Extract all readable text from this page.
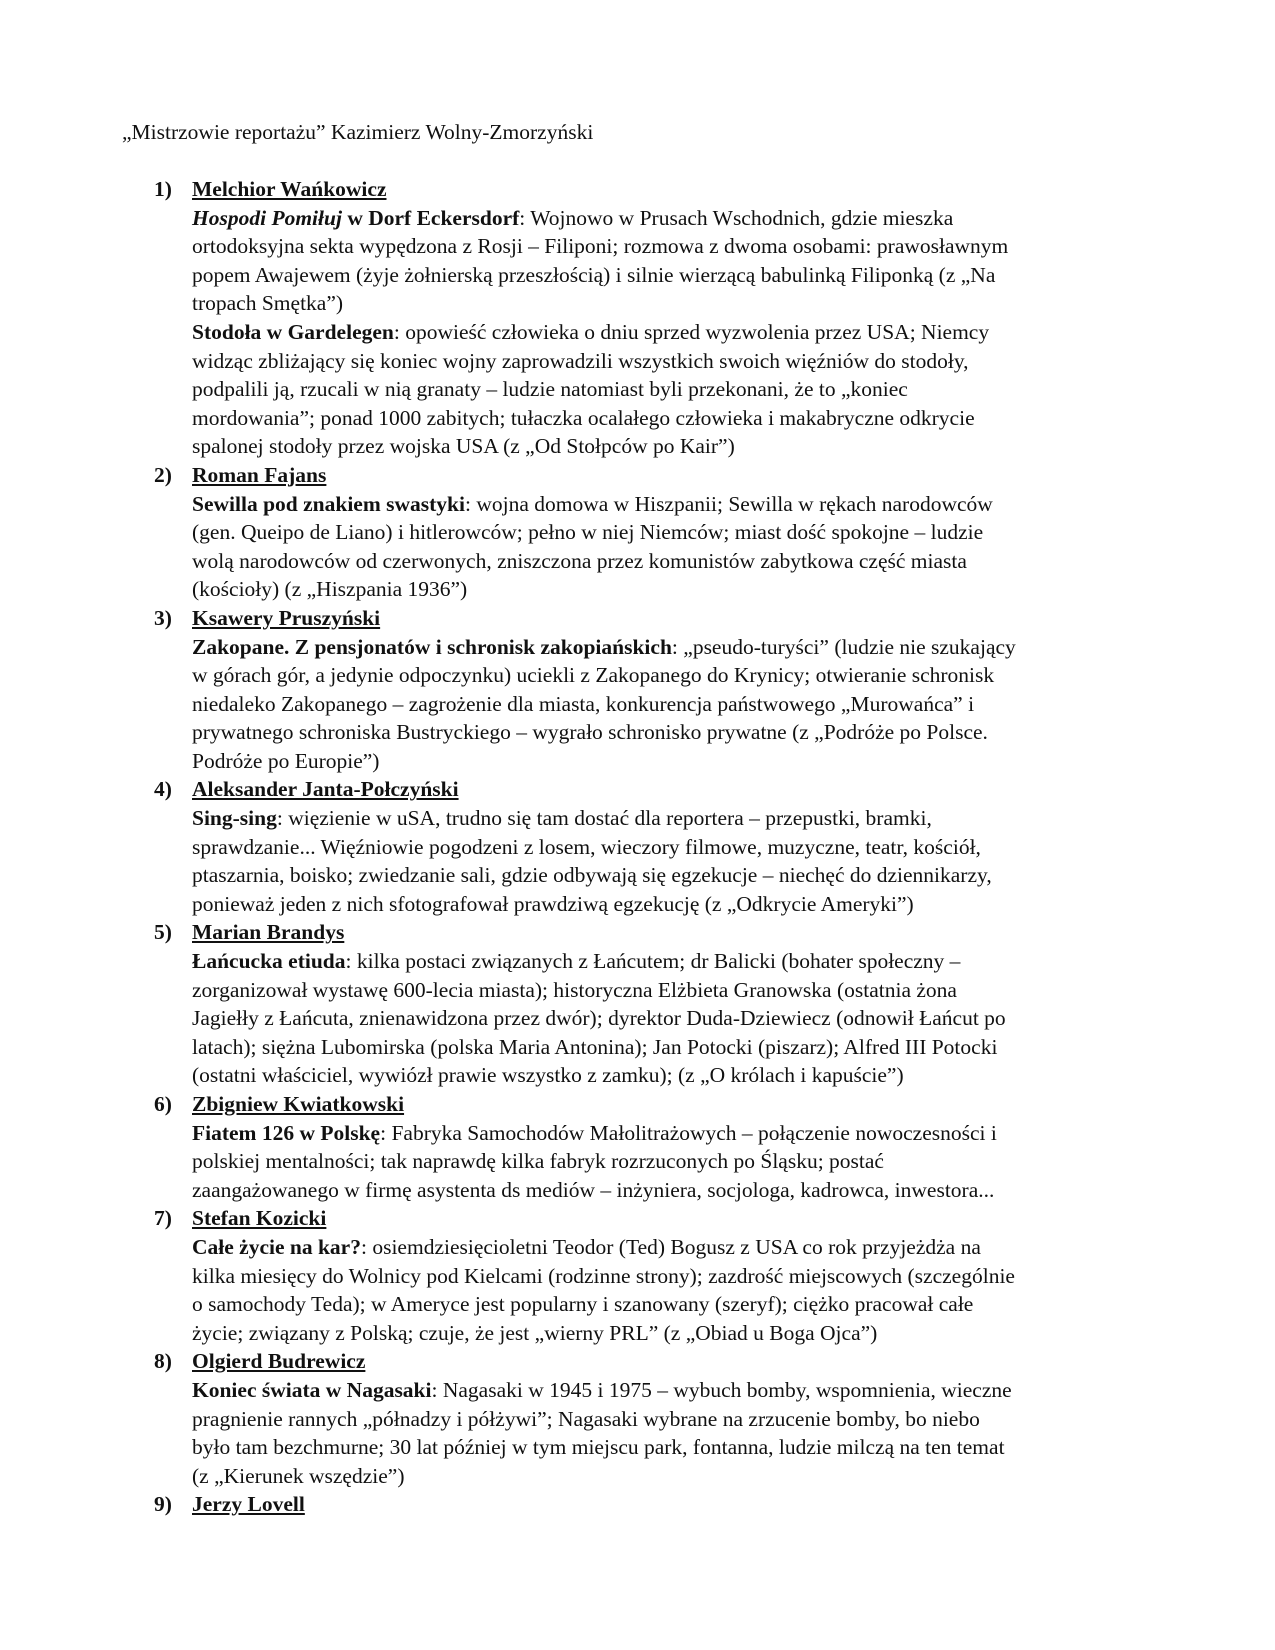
„Mistrzowie reportażu” Kazimierz Wolny-Zmorzyński
1) Melchior Wańkowicz
Hospodi Pomiłuj w Dorf Eckersdorf: Wojnowo w Prusach Wschodnich, gdzie mieszka
ortodoksyjna sekta wypędzona z Rosji – Filiponi; rozmowa z dwoma osobami: prawosławnym
popem Awajewem (żyje żołnierską przeszłością) i silnie wierzącą babulinką Filiponką (z „Na
tropach Smętka”)
Stodoła w Gardelegen: opowieść człowieka o dniu sprzed wyzwolenia przez USA; Niemcy
widząc zbliżający się koniec wojny zaprowadzili wszystkich swoich więźniów do stodoły,
podpalili ją, rzucali w nią granaty – ludzie natomiast byli przekonani, że to „koniec
mordowania”; ponad 1000 zabitych; tułaczka ocalałego człowieka i makabryczne odkrycie
spalonej stodoły przez wojska USA (z „Od Stołpców po Kair”)
2) Roman Fajans
Sewilla pod znakiem swastyki: wojna domowa w Hiszpanii; Sewilla w rękach narodowców
(gen. Queipo de Liano) i hitlerowców; pełno w niej Niemców; miast dość spokojne – ludzie
wolą narodowców od czerwonych, zniszczona przez komunistów zabytkowa część miasta
(kościoły) (z „Hiszpania 1936”)
3) Ksawery Pruszyński
Zakopane. Z pensjonatów i schronisk zakopiańskich: „pseudo-turyści” (ludzie nie szukający
w górach gór, a jedynie odpoczynku) uciekli z Zakopanego do Krynicy; otwieranie schronisk
niedaleko Zakopanego – zagrożenie dla miasta, konkurencja państwowego „Murowańca” i
prywatnego schroniska Bustryckiego – wygrało schronisko prywatne (z „Podróże po Polsce.
Podróże po Europie”)
4) Aleksander Janta-Połczyński
Sing-sing: więzienie w uSA, trudno się tam dostać dla reportera – przepustki, bramki,
sprawdzanie... Więźniowie pogodzeni z losem, wieczory filmowe, muzyczne, teatr, kościół,
ptaszarnia, boisko; zwiedzanie sali, gdzie odbywają się egzekucje – niechęć do dziennikarzy,
ponieważ jeden z nich sfotografował prawdziwą egzekucję (z „Odkrycie Ameryki”)
5) Marian Brandys
Łańcucka etiuda: kilka postaci związanych z Łańcutem; dr Balicki (bohater społeczny –
zorganizował wystawę 600-lecia miasta); historyczna Elżbieta Granowska (ostatnia żona
Jagiełły z Łańcuta, znienawidzona przez dwór); dyrektor Duda-Dziewiecz (odnowił Łańcut po
latach); siężna Lubomirska (polska Maria Antonina); Jan Potocki (piszarz); Alfred III Potocki
(ostatni właściciel, wywiózł prawie wszystko z zamku); (z „O królach i kapuście”)
6) Zbigniew Kwiatkowski
Fiatem 126 w Polskę: Fabryka Samochodów Małolitrażowych – połączenie nowoczesności i
polskiej mentalności; tak naprawdę kilka fabryk rozrzuconych po Śląsku; postać
zaangażowanego w firmę asystenta ds mediów – inżyniera, socjologa, kadrowca, inwestora...
7) Stefan Kozicki
Całe życie na kar?: osiemdziesięcioletni Teodor (Ted) Bogusz z USA co rok przyjeżdża na
kilka miesięcy do Wolnicy pod Kielcami (rodzinne strony); zazdrość miejscowych (szczególnie
o samochody Teda); w Ameryce jest popularny i szanowany (szeryf); ciężko pracował całe
życie; związany z Polską; czuje, że jest „wierny PRL” (z „Obiad u Boga Ojca”)
8) Olgierd Budrewicz
Koniec świata w Nagasaki: Nagasaki w 1945 i 1975 – wybuch bomby, wspomnienia, wieczne
pragnienie rannych „półnadzy i półżywi”; Nagasaki wybrane na zrzucenie bomby, bo niebo
było tam bezchmurne; 30 lat później w tym miejscu park, fontanna, ludzie milczą na ten temat
(z „Kierunek wszędzie”)
9) Jerzy Lovell
